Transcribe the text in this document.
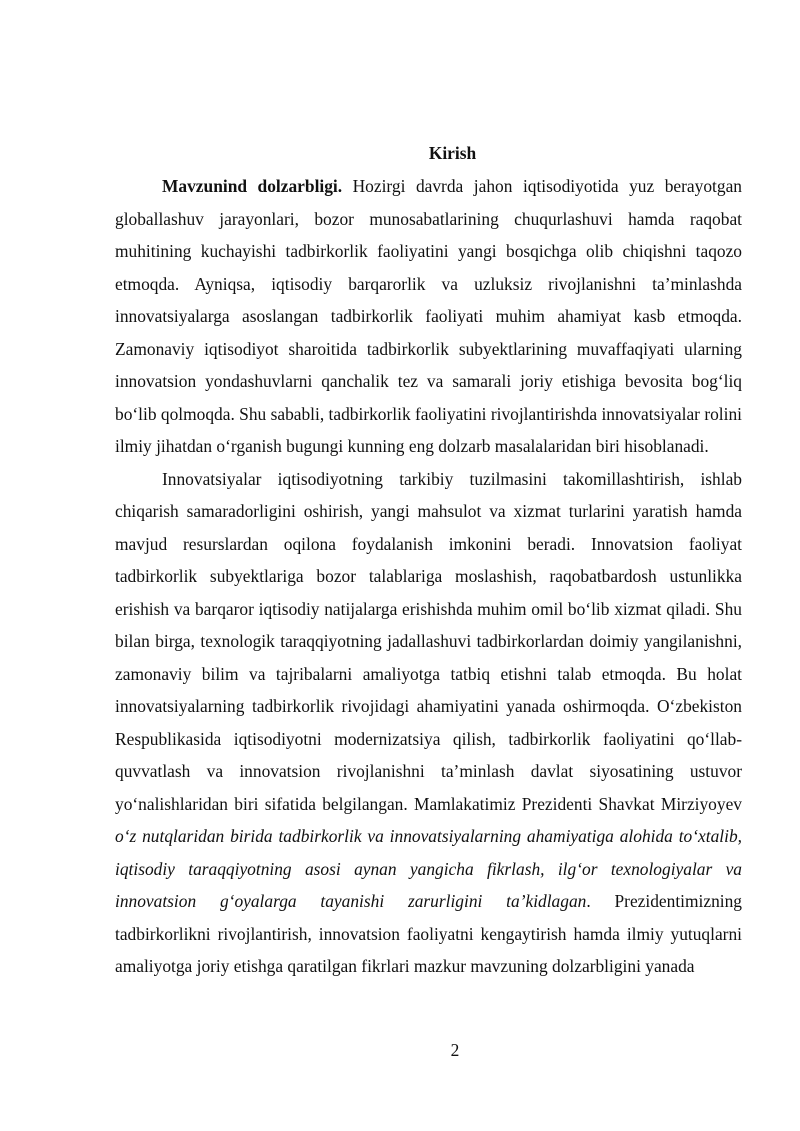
Kirish

Mavzunind dolzarbligi. Hozirgi davrda jahon iqtisodiyotida yuz berayotgan globallashuv jarayonlari, bozor munosabatlarining chuqurlashuvi hamda raqobat muhitining kuchayishi tadbirkorlik faoliyatini yangi bosqichga olib chiqishni taqozo etmoqda. Ayniqsa, iqtisodiy barqarorlik va uzluksiz rivojlanishni ta’minlashda innovatsiyalarga asoslangan tadbirkorlik faoliyati muhim ahamiyat kasb etmoqda. Zamonaviy iqtisodiyot sharoitida tadbirkorlik subyektlarining muvaffaqiyati ularning innovatsion yondashuvlarni qanchalik tez va samarali joriy etishiga bevosita bog‘liq bo‘lib qolmoqda. Shu sababli, tadbirkorlik faoliyatini rivojlantirishda innovatsiyalar rolini ilmiy jihatdan o‘rganish bugungi kunning eng dolzarb masalalaridan biri hisoblanadi.

Innovatsiyalar iqtisodiyotning tarkibiy tuzilmasini takomillashtirish, ishlab chiqarish samaradorligini oshirish, yangi mahsulot va xizmat turlarini yaratish hamda mavjud resurslardan oqilona foydalanish imkonini beradi. Innovatsion faoliyat tadbirkorlik subyektlariga bozor talablariga moslashish, raqobatbardosh ustunlikka erishish va barqaror iqtisodiy natijalarga erishishda muhim omil bo‘lib xizmat qiladi. Shu bilan birga, texnologik taraqqiyotning jadallashuvi tadbirkorlardan doimiy yangilanishni, zamonaviy bilim va tajribalarni amaliyotga tatbiq etishni talab etmoqda. Bu holat innovatsiyalarning tadbirkorlik rivojidagi ahamiyatini yanada oshirmoqda. O‘zbekiston Respublikasida iqtisodiyotni modernizatsiya qilish, tadbirkorlik faoliyatini qo‘llab-quvvatlash va innovatsion rivojlanishni ta’minlash davlat siyosatining ustuvor yo‘nalishlaridan biri sifatida belgilangan. Mamlakatimiz Prezidenti Shavkat Mirziyoyev o‘z nutqlaridan birida tadbirkorlik va innovatsiyalarning ahamiyatiga alohida to‘xtalib, iqtisodiy taraqqiyotning asosi aynan yangicha fikrlash, ilg‘or texnologiyalar va innovatsion g‘oyalarga tayanishi zarurligini ta’kidlagan. Prezidentimizning tadbirkorlikni rivojlantirish, innovatsion faoliyatni kengaytirish hamda ilmiy yutuqlarni amaliyotga joriy etishga qaratilgan fikrlari mazkur mavzuning dolzarbligini yanada

2
